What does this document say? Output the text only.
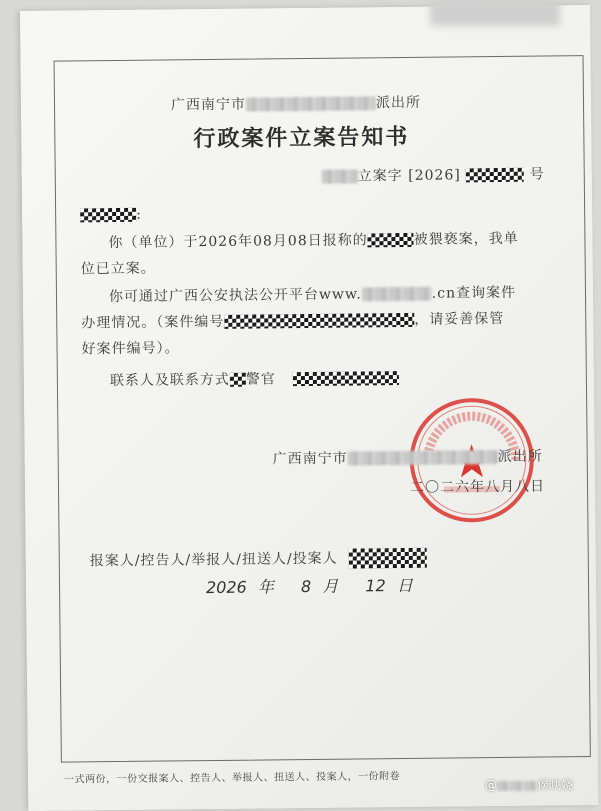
广西南宁市	派出所
行政案件立案告知书
立案字 [2026]	号
:
你（单位）于2026年08月08日报称的	被猥亵案，我单
位已立案。
你可通过广西公安执法公开平台www.	.cn查询案件
办理情况。（案件编号	，请妥善保管
好案件编号）。
联系人及联系方式 警官
广西南宁市	派出所
二〇二六年八月八日
报案人/控告人/举报人/扭送人/投案人
2026 年 8 月 12 日
一式两份，一份交报案人、控告人、举报人、扭送人、投案人，一份附卷	@	侯映娆
